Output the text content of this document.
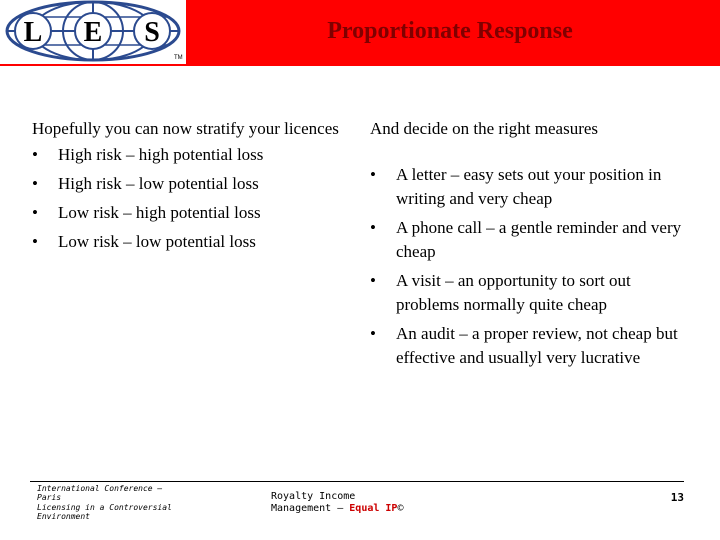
L E S
TM
Proportionate Response

Hopefully you can now stratify your licences

• High risk – high potential loss
• High risk – low potential loss
• Low risk – high potential loss
• Low risk – low potential loss

And decide on the right measures

• A letter – easy sets out your position in writing and very cheap
• A phone call – a gentle reminder and very cheap
• A visit – an opportunity to sort out problems normally quite cheap
• An audit – a proper review, not cheap but effective and usuallyl very lucrative
International Conference –
Paris
Licensing in a Controversial
Environment
Royalty Income
Management – Equal IP©
13
